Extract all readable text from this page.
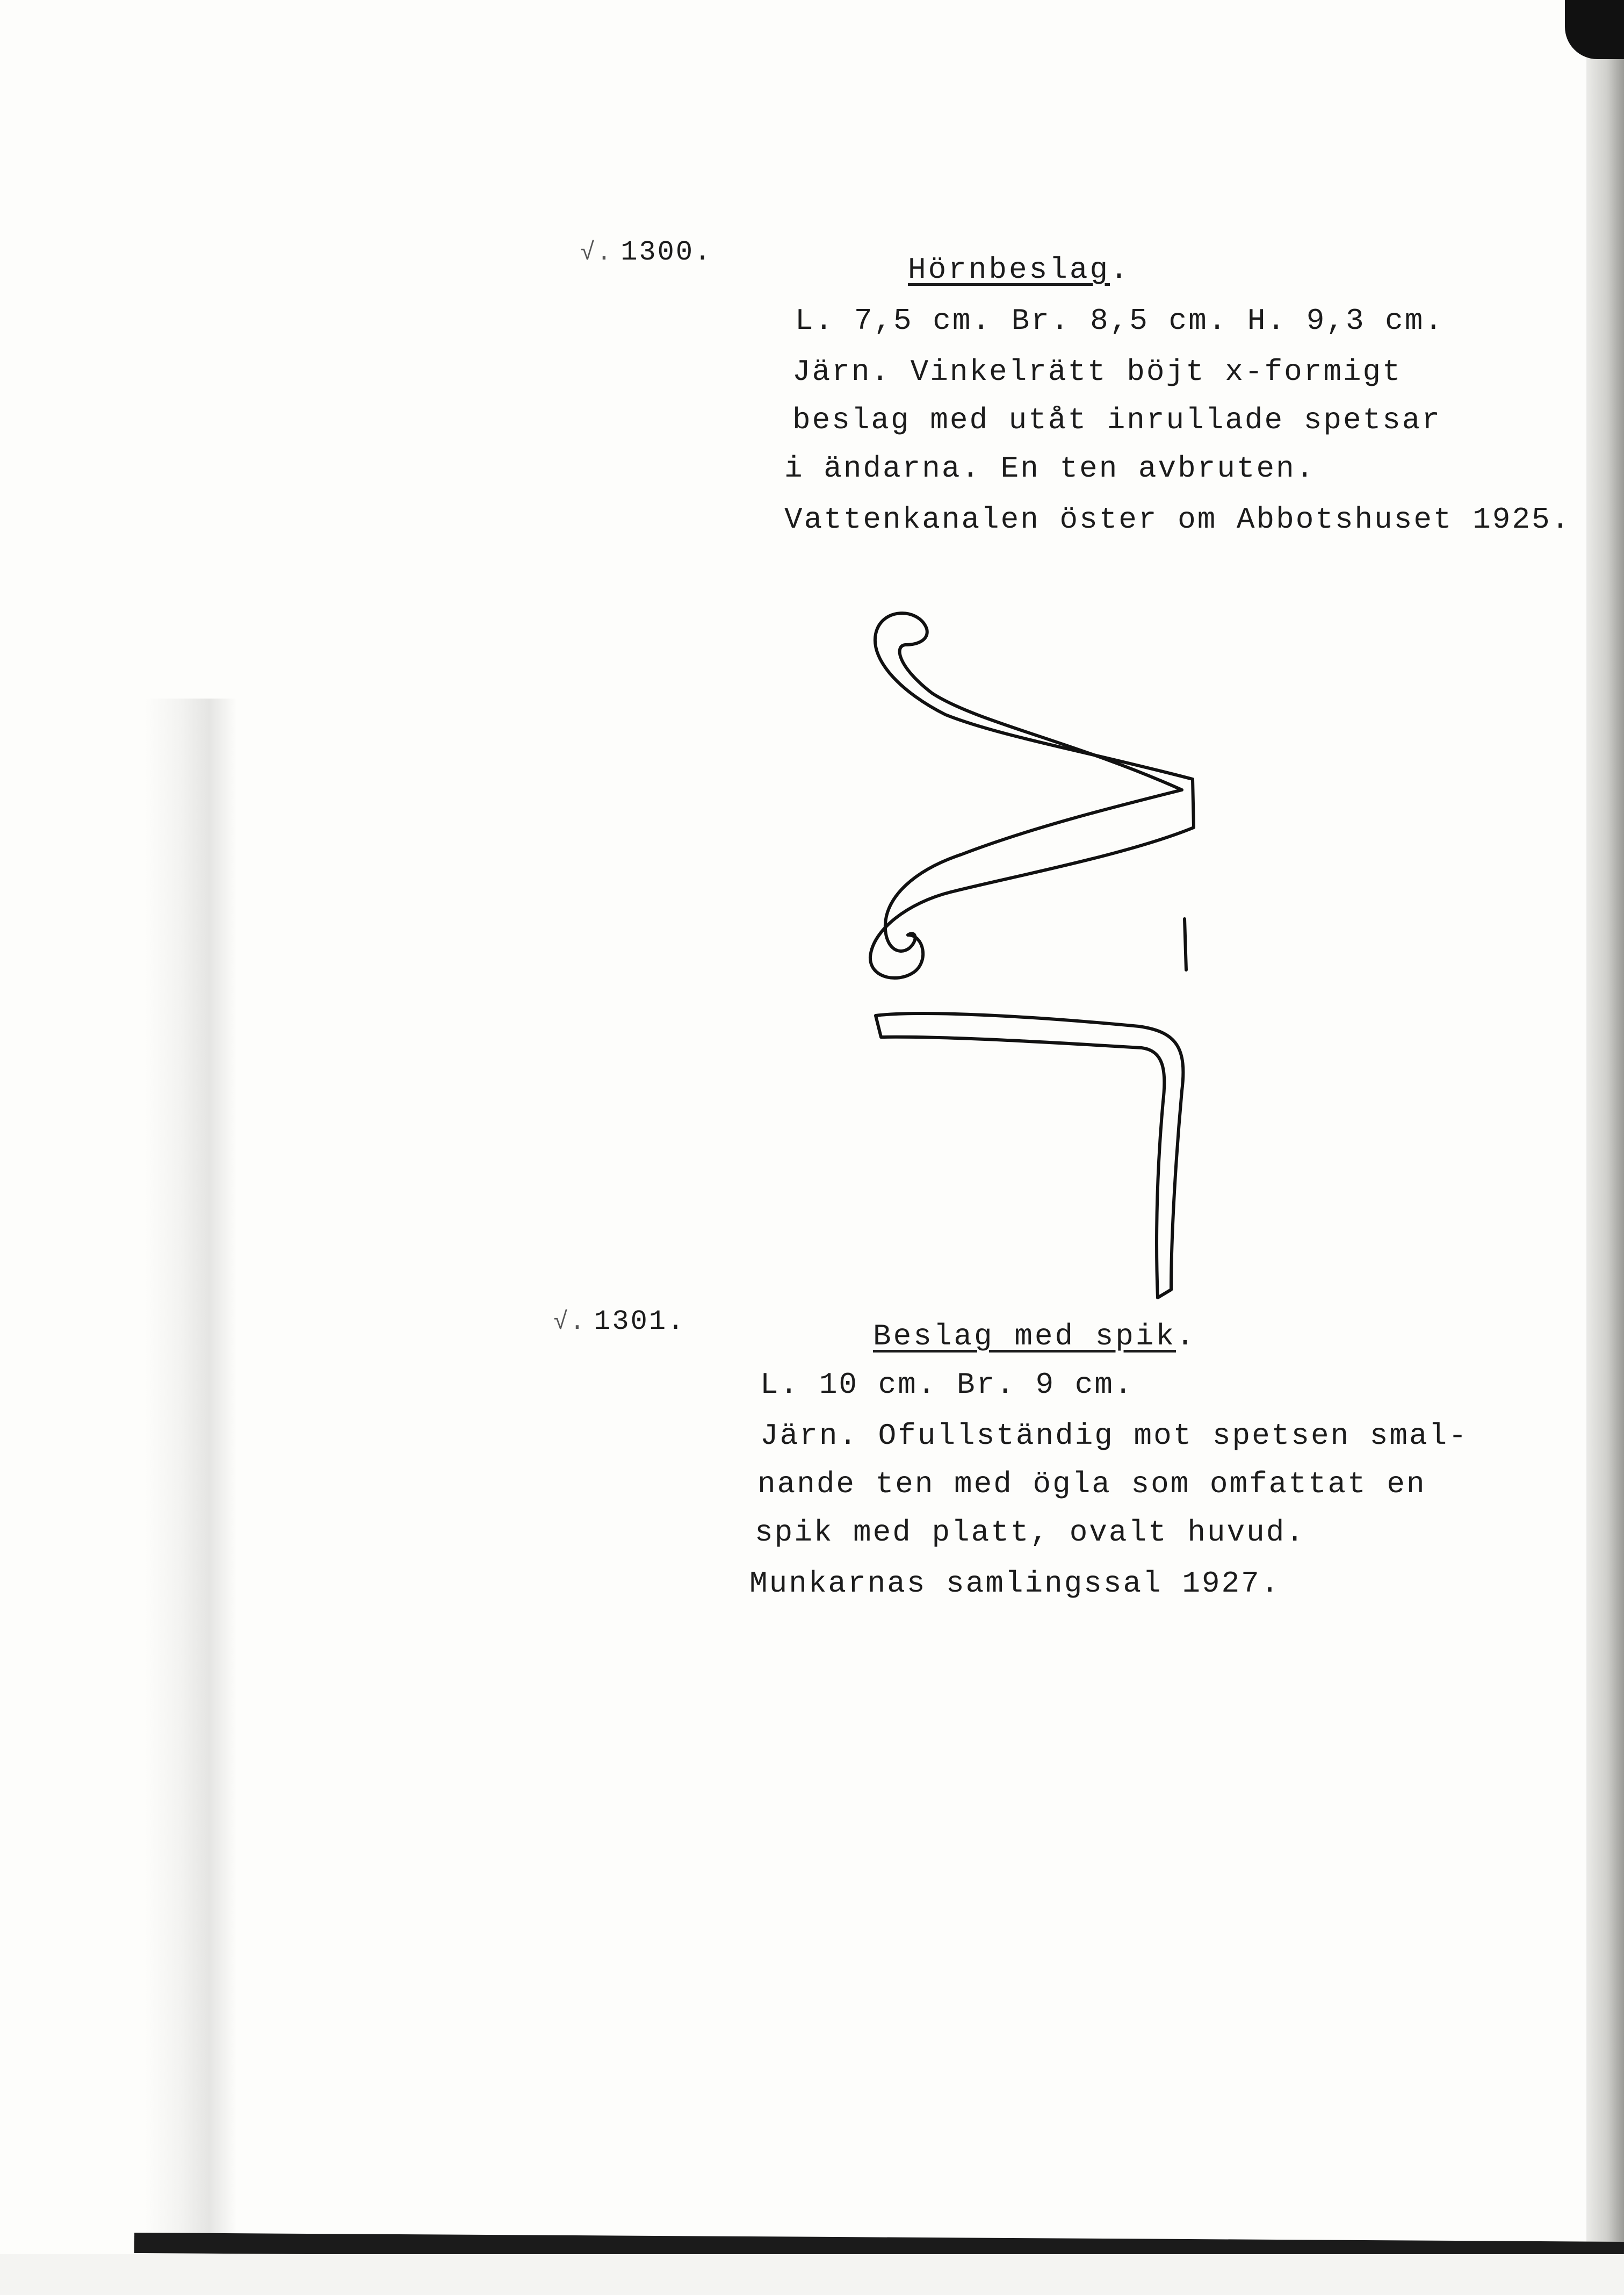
√. 1300.
Hörnbeslag.
L. 7,5 cm. Br. 8,5 cm. H. 9,3 cm.
Järn. Vinkelrätt böjt x-formigt
beslag med utåt inrullade spetsar
i ändarna. En ten avbruten.
Vattenkanalen öster om Abbotshuset 1925.
√. 1301.	Beslag med spik.
L. 10 cm. Br. 9 cm.
Järn. Ofullständig mot spetsen smal-
nande ten med ögla som omfattat en
spik med platt, ovalt huvud.
Munkarnas samlingssal 1927.
